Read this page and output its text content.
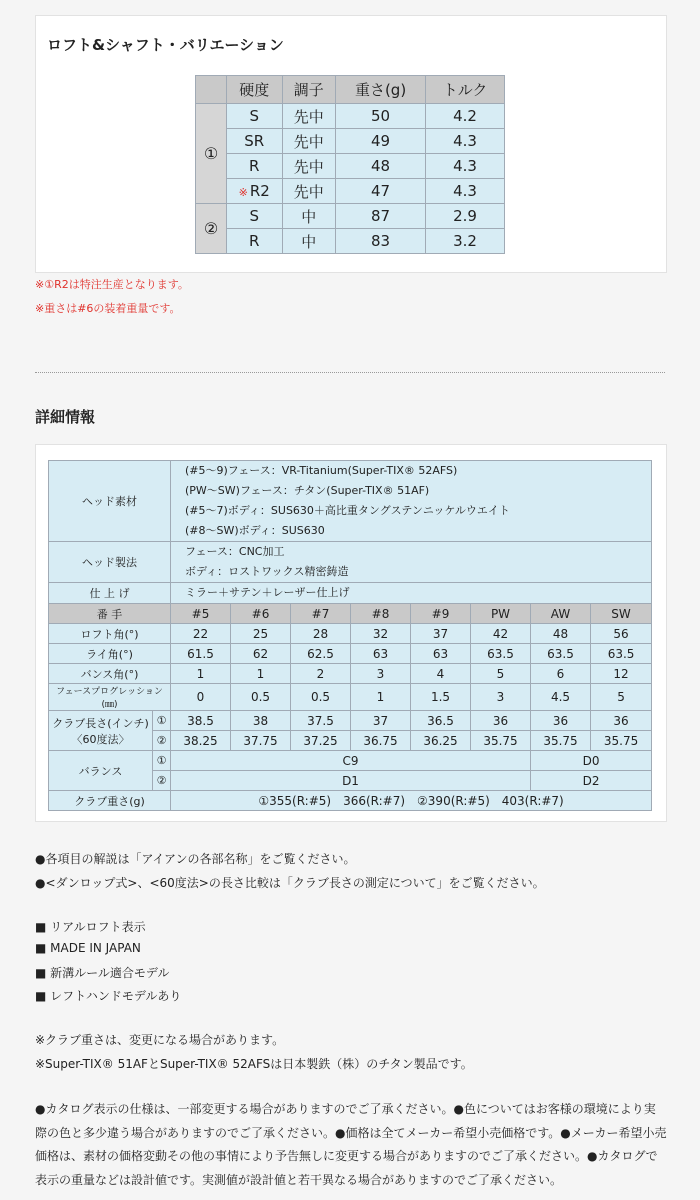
ロフト&シャフト・バリエーション
	硬度	調子	重さ(g)	トルク
①	S	先中	50	4.2
	SR	先中	49	4.3
	R	先中	48	4.3
	※ R2	先中	47	4.3
②	S	中	87	2.9
	R	中	83	3.2
※①R2は特注生産となります。
※重さは#6の装着重量です。
詳細情報
ヘッド素材		(#5〜9)フェース：VR-Titanium(Super-TIX® 52AFS)
(PW〜SW)フェース：チタン(Super-TIX® 51AF)
(#5〜7)ボディ：SUS630＋高比重タングステンニッケルウエイト
(#8〜SW)ボディ：SUS630							

ヘッド製法		フェース：CNC加工
ボディ：ロストワックス精密鋳造							

仕 上 げ		ミラー＋サテン＋レーザー仕上げ							
番 手		#5	#6	#7	#8	#9	PW	AW	SW
ロフト角(°)		22	25	28	32	37	42	48	56
ライ角(°)		61.5	62	62.5	63	63	63.5	63.5	63.5
バンス角(°)		1	1	2	3	4	5	6	12
フェースプログレッション(㎜)		0	0.5	0.5	1	1.5	3	4.5	5

クラブ長さ(インチ)
〈60度法〉	①	38.5	38	37.5	37	36.5	36	36	36
	②	38.25	37.75	37.25	36.75	36.25	35.75	35.75	35.75
バランス	①	C9						D0	
	②	D1						D2	
クラブ重さ(g)		①355(R:#5)　366(R:#7)　②390(R:#5)　403(R:#7)							
●各項目の解説は「アイアンの各部名称」をご覧ください。
●<ダンロップ式>、<60度法>の長さ比較は「クラブ長さの測定について」をご覧ください。
■ リアルロフト表示
■ MADE IN JAPAN
■ 新溝ルール適合モデル
■ レフトハンドモデルあり
※クラブ重さは、変更になる場合があります。
※Super-TIX® 51AFとSuper-TIX® 52AFSは日本製鉄（株）のチタン製品です。
●カタログ表示の仕様は、一部変更する場合がありますのでご了承ください。●色についてはお客様の環境により実際の色と多少違う場合がありますのでご了承ください。●価格は全てメーカー希望小売価格です。●メーカー希望小売価格は、素材の価格変動その他の事情により予告無しに変更する場合がありますのでご了承ください。●カタログで表示の重量などは設計値です。実測値が設計値と若干異なる場合がありますのでご了承ください。
